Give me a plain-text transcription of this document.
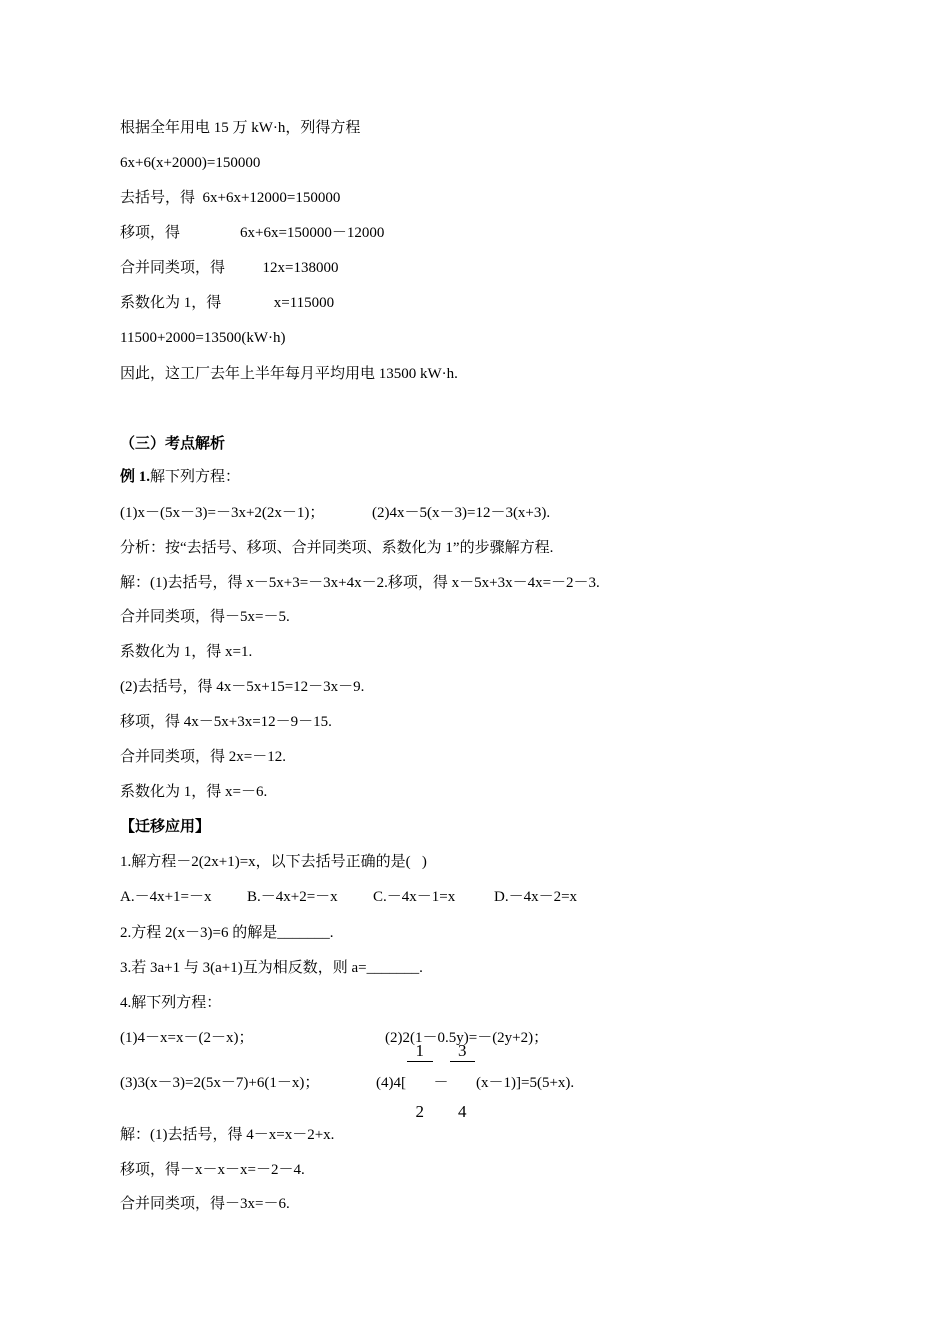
根据全年用电 15 万 kW·h，列得方程
6x+6(x+2000)=150000
去括号，得  6x+6x+12000=150000
移项，得                6x+6x=150000－12000
合并同类项，得          12x=138000
系数化为 1，得              x=115000
11500+2000=13500(kW·h)
因此，这工厂去年上半年每月平均用电 13500 kW·h.
（三）考点解析
例 1.解下列方程：
(1)x－(5x－3)=－3x+2(2x－1)；	(2)4x－5(x－3)=12－3(x+3).
分析：按“去括号、移项、合并同类项、系数化为 1”的步骤解方程.
解：(1)去括号，得 x－5x+3=－3x+4x－2.移项，得 x－5x+3x－4x=－2－3.
合并同类项，得－5x=－5.
系数化为 1，得 x=1.
(2)去括号，得 4x－5x+15=12－3x－9.
移项，得 4x－5x+3x=12－9－15.
合并同类项，得 2x=－12.
系数化为 1，得 x=－6.
【迁移应用】
1.解方程－2(2x+1)=x，以下去括号正确的是(   )
A.－4x+1=－x B.－4x+2=－x C.－4x－1=x	D.－4x－2=x
2.方程 2(x－3)=6 的解是_______.
3.若 3a+1 与 3(a+1)互为相反数，则 a=_______.
4.解下列方程：
(1)4－x=x－(2－x)；	(2)2(1－0.5y)=－(2y+2)；
(3)3(x－3)=2(5x－7)+6(1－x)；	(4)4[

$\frac{1}{2}$

－

$\frac{3}{4}$

(x－1)]=5(5+x).
解：(1)去括号，得 4－x=x－2+x.
移项，得－x－x－x=－2－4.
合并同类项，得－3x=－6.
